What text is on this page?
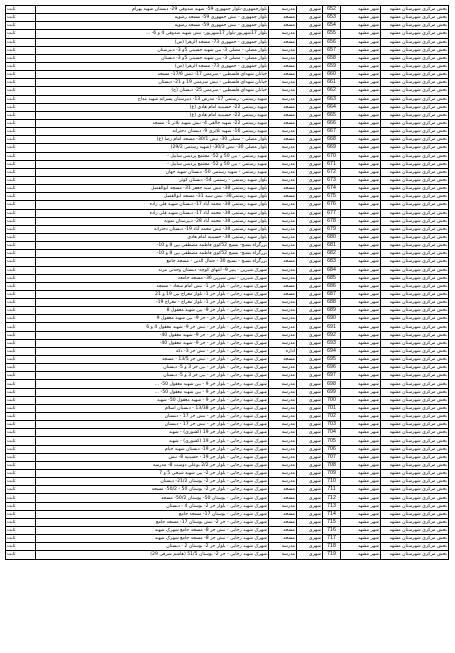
بخش مرکزی شهرستان مشهد	شهر مشهد	652	شهری	مدرسه	بلوارجمهوری-بلوار جمهوری 59- شهید صدوقی 29- دبستان شهید بهرام	ثابت
بخش مرکزی شهرستان مشهد	شهر مشهد	653	شهری	مسجد	بلوار جمهوری - نبش جمهوری 59- مسجد رضویه	ثابت
بخش مرکزی شهرستان مشهد	شهر مشهد	654	شهری	مسجد	بلوار جمهوری - نبش جمهوری 59- مسجد رضویه	ثابت
بخش مرکزی شهرستان مشهد	شهر مشهد	655	شهری	مدرسه	بلوار 17شهریور-بلوار 17شهریور- نبش شهید صدوقی 4 و 6- ...	ثابت
بخش مرکزی شهرستان مشهد	شهر مشهد	656	شهری	مسجد	بلوار جمهوری - جمهوری 73- مسجد الزهرا (س)	ثابت
بخش مرکزی شهرستان مشهد	شهر مشهد	657	شهری	مدرسه	بلوار مصلی - مصلی 3- بین شهید حسینی 5و 3- دبیرستان	ثابت
بخش مرکزی شهرستان مشهد	شهر مشهد	658	شهری	مدرسه	بلوار مصلی - مصلی 3- بین شهید حسینی 5و 3- دبستان	ثابت
بخش مرکزی شهرستان مشهد	شهر مشهد	659	شهری	مسجد	بلوار جمهوری - جمهوری 73- مسجد الزهرا (س)	ثابت
بخش مرکزی شهرستان مشهد	شهر مشهد	660	شهری	مسجد	خیابان شهدای فلسطین - سرمس 17- نبش 17/6- مسجد	ثابت
بخش مرکزی شهرستان مشهد	شهر مشهد	661	شهری	مدرسه	خیابان شهدای فلسطین - نبش سرمس 19 و 21- دبستان	ثابت
بخش مرکزی شهرستان مشهد	شهر مشهد	662	شهری	مدرسه	خیابان شهدای فلسطین - سرمس 25- دبستان (ج)	ثابت
بخش مرکزی شهرستان مشهد	شهر مشهد	663	شهری	مدرسه	شهید رستمی- رستمی 17- مدرس 13- دبیرستان پسرانه شهید مداح	ثابت
بخش مرکزی شهرستان مشهد	شهر مشهد	664	شهری	مسجد	شهید رستمی 22- حسینیه امام هادی (ع)	ثابت
بخش مرکزی شهرستان مشهد	شهر مشهد	665	شهری	مسجد	شهید رستمی 22- حسینیه امام هادی (ع)	ثابت
بخش مرکزی شهرستان مشهد	شهر مشهد	666	شهری	مسجد	شهید رستمی 22- شهید خالقی 4- نبش شهید تلاتر 1- مسجد	ثابت
بخش مرکزی شهرستان مشهد	شهر مشهد	667	شهری	مدرسه	شهید رستمی 16- شهید تلاتری 9- دبستان دخترانه	ثابت
بخش مرکزی شهرستان مشهد	شهر مشهد	668	شهری	مسجد	بلوار مصلی - مصلی 30- نبش 30/1- مسجد امام رضا (ع)	ثابت
بخش مرکزی شهرستان مشهد	شهر مشهد	669	شهری	مدرسه	بلوار مصلی 30- نبش 30/3- (شهید رستمی 29/2)	ثابت
بخش مرکزی شهرستان مشهد	شهر مشهد	670	شهری	مدرسه	شهید رستمی - بین 50 و 52- مجتمع پردیس ساییل -	ثابت
بخش مرکزی شهرستان مشهد	شهر مشهد	671	شهری	مدرسه	شهید رستمی - بین 50 و 52- مجتمع پردیس ساییل -	ثابت
بخش مرکزی شهرستان مشهد	شهر مشهد	672	شهری	مدرسه	شهید رستمی - شهید رستمی 50- دبستان شهید جهان	ثابت
بخش مرکزی شهرستان مشهد	شهر مشهد	673	شهری	مدرسه	بلوار شهید رستمی - رستمی 54- دبستان کوثر	ثابت
بخش مرکزی شهرستان مشهد	شهر مشهد	674	شهری	مسجد	بلوار شهید رستمی 38- نبش سید جعفر 31- مسجد ابوالفضل	ثابت
بخش مرکزی شهرستان مشهد	شهر مشهد	675	شهری	مسجد	بلوار شهید رستمی38- نبش سید 31- مسجد ابوالفضل	ثابت
بخش مرکزی شهرستان مشهد	شهر مشهد	676	شهری	مدرسه	بلوار شهید رستمی 38- محمد آباد 17- دبستان شهید قلی زاده	ثابت
بخش مرکزی شهرستان مشهد	شهر مشهد	677	شهری	مدرسه	بلوار شهید رستمی 38- محمد آباد 17- دبستان شهید قلی زاده	ثابت
بخش مرکزی شهرستان مشهد	شهر مشهد	678	شهری	مدرسه	بلوار شهید رستمی 38- محمد آباد 28- دبیرستان نمونه	ثابت
بخش مرکزی شهرستان مشهد	شهر مشهد	679	شهری	مدرسه	بلوار شهید رستمی 38- نبش محمد آباد 19- دبستان دخترانه	ثابت
بخش مرکزی شهرستان مشهد	شهر مشهد	680	شهری	مدرسه	بلوار شهید رستمی 38- حسینیه امام هادی	ثابت
بخش مرکزی شهرستان مشهد	شهر مشهد	681	شهری	مدرسه	بزرگراه بسیج- بسیج 52کوی فاطمه مصطفی بین 8 و 10-	ثابت
بخش مرکزی شهرستان مشهد	شهر مشهد	682	شهری	مدرسه	بزرگراه بسیج- بسیج 52کوی فاطمه مصطفی بین 8 و 10-	ثابت
بخش مرکزی شهرستان مشهد	شهر مشهد	683	شهری	مسجد	بزرگراه بسیج - بسیج 30 - جمال الدین - مسجد جامع	ثابت
بخش مرکزی شهرستان مشهد	شهر مشهد	684	شهری	مدرسه	شهرک شیرین - پنیر 9- انتهای کوچه- دبستان وحدتی مرند	ثابت
بخش مرکزی شهرستان مشهد	شهر مشهد	685	شهری	مدرسه	شهرک شیرین - نبش شیرین 36- مسجد جامعه	ثابت
بخش مرکزی شهرستان مشهد	شهر مشهد	686	شهری	مسجد	شهرک شهید رجایی - بلوار حر 1- نبش امام سجاد - مسجد	ثابت
بخش مرکزی شهرستان مشهد	شهر مشهد	687	شهری	مسجد	شهرک شهید رجایی - بلوار حر 1- بلوار معراج بین 19 و 21	ثابت
بخش مرکزی شهرستان مشهد	شهر مشهد	688	شهری	مدرسه	شهرک شهید رجایی - بلوار حر 1- بلوار معراج - معراج 19-	ثابت
بخش مرکزی شهرستان مشهد	شهر مشهد	689	شهری	مدرسه	شهرک شهید رجایی - بلوار حر 9- بین شهید معقول 8	ثابت
بخش مرکزی شهرستان مشهد	شهر مشهد	690	شهری	مدرسه	شهرک شهید رجایی - بلوار حر - حر 9- بین شهید معقول 9	ثابت
بخش مرکزی شهرستان مشهد	شهر مشهد	691	شهری	مدرسه	شهرک شهید رجایی - بلوار حر - نبش حر 9- شهید معقول 4 و 6	ثابت
بخش مرکزی شهرستان مشهد	شهر مشهد	692	شهری	مدرسه	شهرک شهید رجایی - بلوار حر - حر 9- شهید معقول 40-	ثابت
بخش مرکزی شهرستان مشهد	شهر مشهد	693	شهری	مدرسه	شهرک شهید رجایی - بلوار حر - حر 9- شهید معقول 40-	ثابت
بخش مرکزی شهرستان مشهد	شهر مشهد	694	شهری	اداره	شهرک شهید رجایی - بلوار حر - نبش حر 3- دکه	ثابت
بخش مرکزی شهرستان مشهد	شهر مشهد	695	شهری	مسجد	شهرک شهید رجایی - بلوار حر - نبش حر 13/5 - مسجد	ثابت
بخش مرکزی شهرستان مشهد	شهر مشهد	696	شهری	مدرسه	شهرک شهید رجایی - بلوار حر - بین حر 3 و 5- دبستان	ثابت
بخش مرکزی شهرستان مشهد	شهر مشهد	697	شهری	مدرسه	شهرک شهید رجایی - بلوار حر - بین حر 3 و 5- دبستان	ثابت
بخش مرکزی شهرستان مشهد	شهر مشهد	698	شهری	مدرسه	شهرک شهید رجایی - بلوار حر 9 - بین شهید معقول 50- ...	ثابت
بخش مرکزی شهرستان مشهد	شهر مشهد	699	شهری	مدرسه	شهرک شهید رجایی - بلوار حر 9 - بین شهید معقول 50- ...	ثابت
بخش مرکزی شهرستان مشهد	شهر مشهد	700	شهری	مدرسه	شهرک شهید رجایی - بلوار حر 9 - شهید معقول 50- شهید	ثابت
بخش مرکزی شهرستان مشهد	شهر مشهد	701	شهری	مدرسه	شهرک شهید رجایی - بلوار حر 13/38 - دبستان اسلام	ثابت
بخش مرکزی شهرستان مشهد	شهر مشهد	702	شهری	مدرسه	شهرک شهید رجایی - بلوار حر - نبش حر 17 - دبستان	ثابت
بخش مرکزی شهرستان مشهد	شهر مشهد	703	شهری	مدرسه	شهرک شهید رجایی - بلوار حر - نبش حر 17 - دبستان	ثابت
بخش مرکزی شهرستان مشهد	شهر مشهد	704	شهری	مدرسه	شهرک شهید رجایی - بلوار حر 19 (کشوری) - شهید	ثابت
بخش مرکزی شهرستان مشهد	شهر مشهد	705	شهری	مدرسه	شهرک شهید رجایی - بلوار حر 19 (کشوری) - شهید	ثابت
بخش مرکزی شهرستان مشهد	شهر مشهد	706	شهری	مدرسه	شهرک شهید رجایی - بلوار حر 19- دبستان شهید خیام	ثابت
بخش مرکزی شهرستان مشهد	شهر مشهد	707	شهری	مدرسه	شهرک شهید رجایی - بلوار حر 19 - حسینیه 8- نبش	ثابت
بخش مرکزی شهرستان مشهد	شهر مشهد	708	شهری	مدرسه	شهرک شهید رجایی - بلوار حر 2/2 بوعلی دوست 8- مدرسه	ثابت
بخش مرکزی شهرستان مشهد	شهر مشهد	709	شهری	مدرسه	شهرک شهید رجایی - بلوار حر 2- بین شهید شیخی 5 و 7	ثابت
بخش مرکزی شهرستان مشهد	شهر مشهد	710	شهری	مدرسه	شهرک شهید رجایی - بلوار حر 2- بوستان 21/2- دبستان	ثابت
بخش مرکزی شهرستان مشهد	شهر مشهد	711	شهری	مسجد	شهرک شهید رجایی - بلوار حر 2- بوستان 50 - 50/2- مسجد	ثابت
بخش مرکزی شهرستان مشهد	شهر مشهد	712	شهری	مسجد	شهرک شهید رجایی - بوستان 50- بوستان 50/2- مسجد	ثابت
بخش مرکزی شهرستان مشهد	شهر مشهد	713	شهری	مدرسه	شهرک شهید رجایی - بلوار حر 2- بوستان 4 - دبستان	ثابت
بخش مرکزی شهرستان مشهد	شهر مشهد	714	شهری	مسجد	شهرک شهید رجایی - بوستان 17- مسجد جامع	ثابت
بخش مرکزی شهرستان مشهد	شهر مشهد	715	شهری	مسجد	شهرک شهید رجایی - حر 2- نبش بوستان 17- مسجد جامع	ثابت
بخش مرکزی شهرستان مشهد	شهر مشهد	716	شهری	مسجد	شهرک شهید رجایی - نبش حر 8- مسجد جامع شهرک شهید	ثابت
بخش مرکزی شهرستان مشهد	شهر مشهد	717	شهری	مسجد	شهرک شهید رجایی - نبش حر 8- مسجد جامع شهرک شهید	ثابت
بخش مرکزی شهرستان مشهد	شهر مشهد	718	شهری	مدرسه	شهرک شهید رجایی - بلوار حر 2- بوستان 2 - دبستان	ثابت
بخش مرکزی شهرستان مشهد	شهر مشهد	719	شهری	مدرسه	شهرک شهید رجایی - حر 2- بوستان 51/5 (هاشم شرقی 29)	ثابت
